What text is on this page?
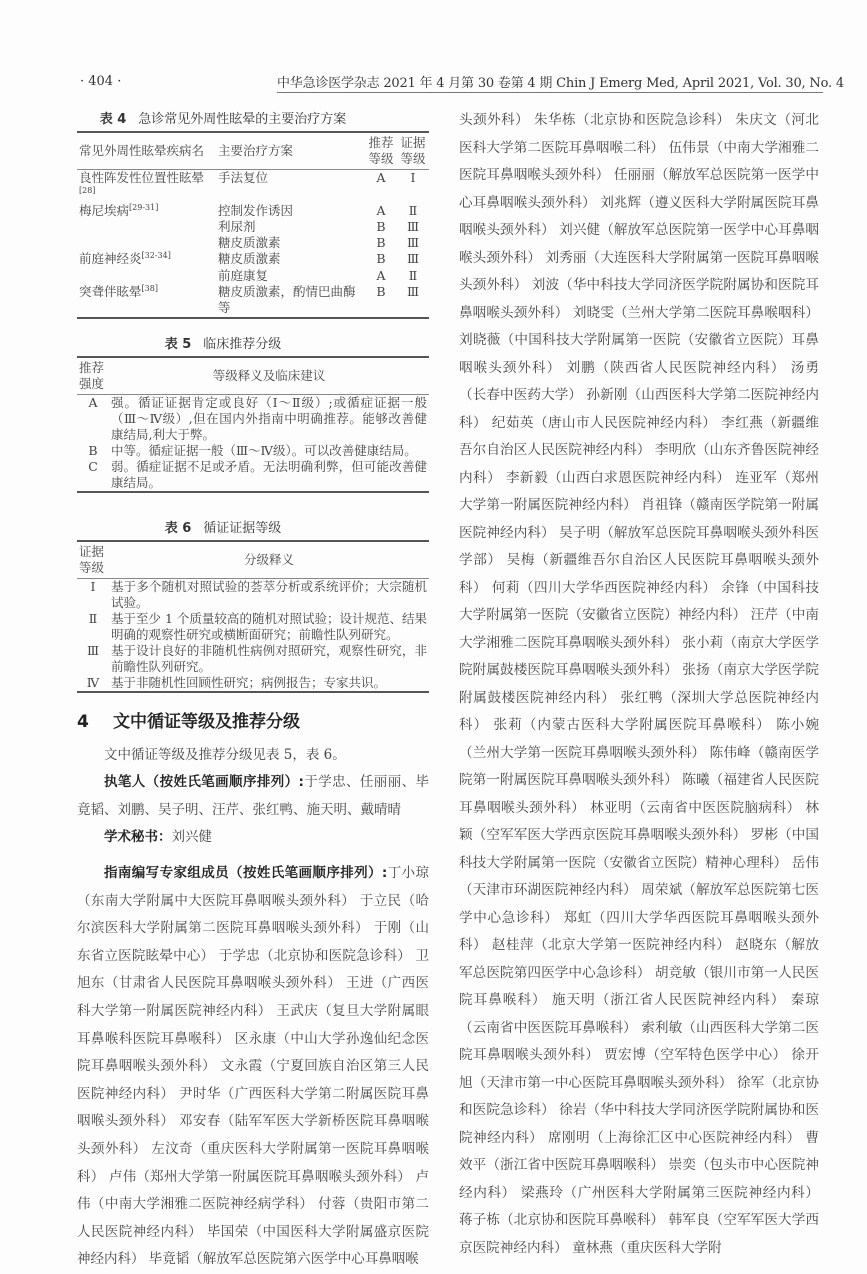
· 404 ·	中华急诊医学杂志 2021 年 4 月第 30 卷第 4 期 Chin J Emerg Med, April 2021, Vol. 30, No. 4
表 4 急诊常见外周性眩晕的主要治疗方案
常见外周性眩晕疾病名	主要治疗方案	推荐等级	证据等级
良性阵发性位置性眩晕[28]	手法复位	A	Ⅰ
梅尼埃病[29-31]	控制发作诱因	A	Ⅱ
	利尿剂	B	Ⅲ
	糖皮质激素	B	Ⅲ
前庭神经炎[32-34]	糖皮质激素	B	Ⅲ
	前庭康复	A	Ⅱ
突聋伴眩晕[38]	糖皮质激素，酌情巴曲酶等	B	Ⅲ
表 5 临床推荐分级
推荐强度	等级释义及临床建议
A	强。循证证据肯定或良好（Ⅰ～Ⅱ级）;或循症证据一般（Ⅲ～Ⅳ级）,但在国内外指南中明确推荐。能够改善健康结局,利大于弊。
B	中等。循症证据一般（Ⅲ～Ⅳ级）。可以改善健康结局。
C	弱。循症证据不足或矛盾。无法明确利弊，但可能改善健康结局。
表 6 循证证据等级
证据等级	分级释义
Ⅰ	基于多个随机对照试验的荟萃分析或系统评价；大宗随机试验。
Ⅱ	基于至少 1 个质量较高的随机对照试验；设计规范、结果明确的观察性研究或横断面研究；前瞻性队列研究。
Ⅲ	基于设计良好的非随机性病例对照研究，观察性研究，非前瞻性队列研究。
Ⅳ	基于非随机性回顾性研究；病例报告；专家共识。
4 文中循证等级及推荐分级

文中循证等级及推荐分级见表 5，表 6。

执笔人（按姓氏笔画顺序排列）:于学忠、任丽丽、毕竟韬、刘鹏、吴子明、汪芹、张红鸭、施天明、戴晴晴

学术秘书：刘兴健

指南编写专家组成员（按姓氏笔画顺序排列）:丁小琼（东南大学附属中大医院耳鼻咽喉头颈外科） 于立民（哈尔滨医科大学附属第二医院耳鼻咽喉头颈外科） 于刚（山东省立医院眩晕中心） 于学忠（北京协和医院急诊科） 卫旭东（甘肃省人民医院耳鼻咽喉头颈外科） 王进（广西医科大学第一附属医院神经内科） 王武庆（复旦大学附属眼耳鼻喉科医院耳鼻喉科） 区永康（中山大学孙逸仙纪念医院耳鼻咽喉头颈外科） 文永霞（宁夏回族自治区第三人民医院神经内科） 尹时华（广西医科大学第二附属医院耳鼻咽喉头颈外科） 邓安春（陆军军医大学新桥医院耳鼻咽喉头颈外科） 左汶奇（重庆医科大学附属第一医院耳鼻咽喉科） 卢伟（郑州大学第一附属医院耳鼻咽喉头颈外科） 卢伟（中南大学湘雅二医院神经病学科） 付蓉（贵阳市第二人民医院神经内科） 毕国荣（中国医科大学附属盛京医院神经内科） 毕竟韬（解放军总医院第六医学中心耳鼻咽喉

头颈外科） 朱华栋（北京协和医院急诊科） 朱庆文（河北医科大学第二医院耳鼻咽喉二科） 伍伟景（中南大学湘雅二医院耳鼻咽喉头颈外科） 任丽丽（解放军总医院第一医学中心耳鼻咽喉头颈外科） 刘兆辉（遵义医科大学附属医院耳鼻咽喉头颈外科） 刘兴健（解放军总医院第一医学中心耳鼻咽喉头颈外科） 刘秀丽（大连医科大学附属第一医院耳鼻咽喉头颈外科） 刘波（华中科技大学同济医学院附属协和医院耳鼻咽喉头颈外科） 刘晓雯（兰州大学第二医院耳鼻喉咽科） 刘晓薇（中国科技大学附属第一医院（安徽省立医院）耳鼻咽喉头颈外科） 刘鹏（陕西省人民医院神经内科） 汤勇（长春中医药大学） 孙新刚（山西医科大学第二医院神经内科） 纪茹英（唐山市人民医院神经内科） 李红燕（新疆维吾尔自治区人民医院神经内科） 李明欣（山东齐鲁医院神经内科） 李新毅（山西白求恩医院神经内科） 连亚军（郑州大学第一附属医院神经内科） 肖祖锋（赣南医学院第一附属医院神经内科） 吴子明（解放军总医院耳鼻咽喉头颈外科医学部） 吴梅（新疆维吾尔自治区人民医院耳鼻咽喉头颈外科） 何莉（四川大学华西医院神经内科） 余锋（中国科技大学附属第一医院（安徽省立医院）神经内科） 汪芹（中南大学湘雅二医院耳鼻咽喉头颈外科） 张小莉（南京大学医学院附属鼓楼医院耳鼻咽喉头颈外科） 张扬（南京大学医学院附属鼓楼医院神经内科） 张红鸭（深圳大学总医院神经内科） 张莉（内蒙古医科大学附属医院耳鼻喉科） 陈小婉（兰州大学第一医院耳鼻咽喉头颈外科） 陈伟峰（赣南医学院第一附属医院耳鼻咽喉头颈外科） 陈曦（福建省人民医院耳鼻咽喉头颈外科） 林亚明（云南省中医医院脑病科） 林颖（空军军医大学西京医院耳鼻咽喉头颈外科） 罗彬（中国科技大学附属第一医院（安徽省立医院）精神心理科） 岳伟（天津市环湖医院神经内科） 周荣斌（解放军总医院第七医学中心急诊科） 郑虹（四川大学华西医院耳鼻咽喉头颈外科） 赵桂萍（北京大学第一医院神经内科） 赵晓东（解放军总医院第四医学中心急诊科） 胡竞敏（银川市第一人民医院耳鼻喉科） 施天明（浙江省人民医院神经内科） 秦琼（云南省中医医院耳鼻喉科） 索利敏（山西医科大学第二医院耳鼻咽喉头颈外科） 贾宏博（空军特色医学中心） 徐开旭（天津市第一中心医院耳鼻咽喉头颈外科） 徐军（北京协和医院急诊科） 徐岩（华中科技大学同济医学院附属协和医院神经内科） 席刚明（上海徐汇区中心医院神经内科） 曹效平（浙江省中医院耳鼻咽喉科） 崇奕（包头市中心医院神经内科） 梁燕玲（广州医科大学附属第三医院神经内科） 蒋子栋（北京协和医院耳鼻喉科） 韩军良（空军军医大学西京医院神经内科） 童林燕（重庆医科大学附
